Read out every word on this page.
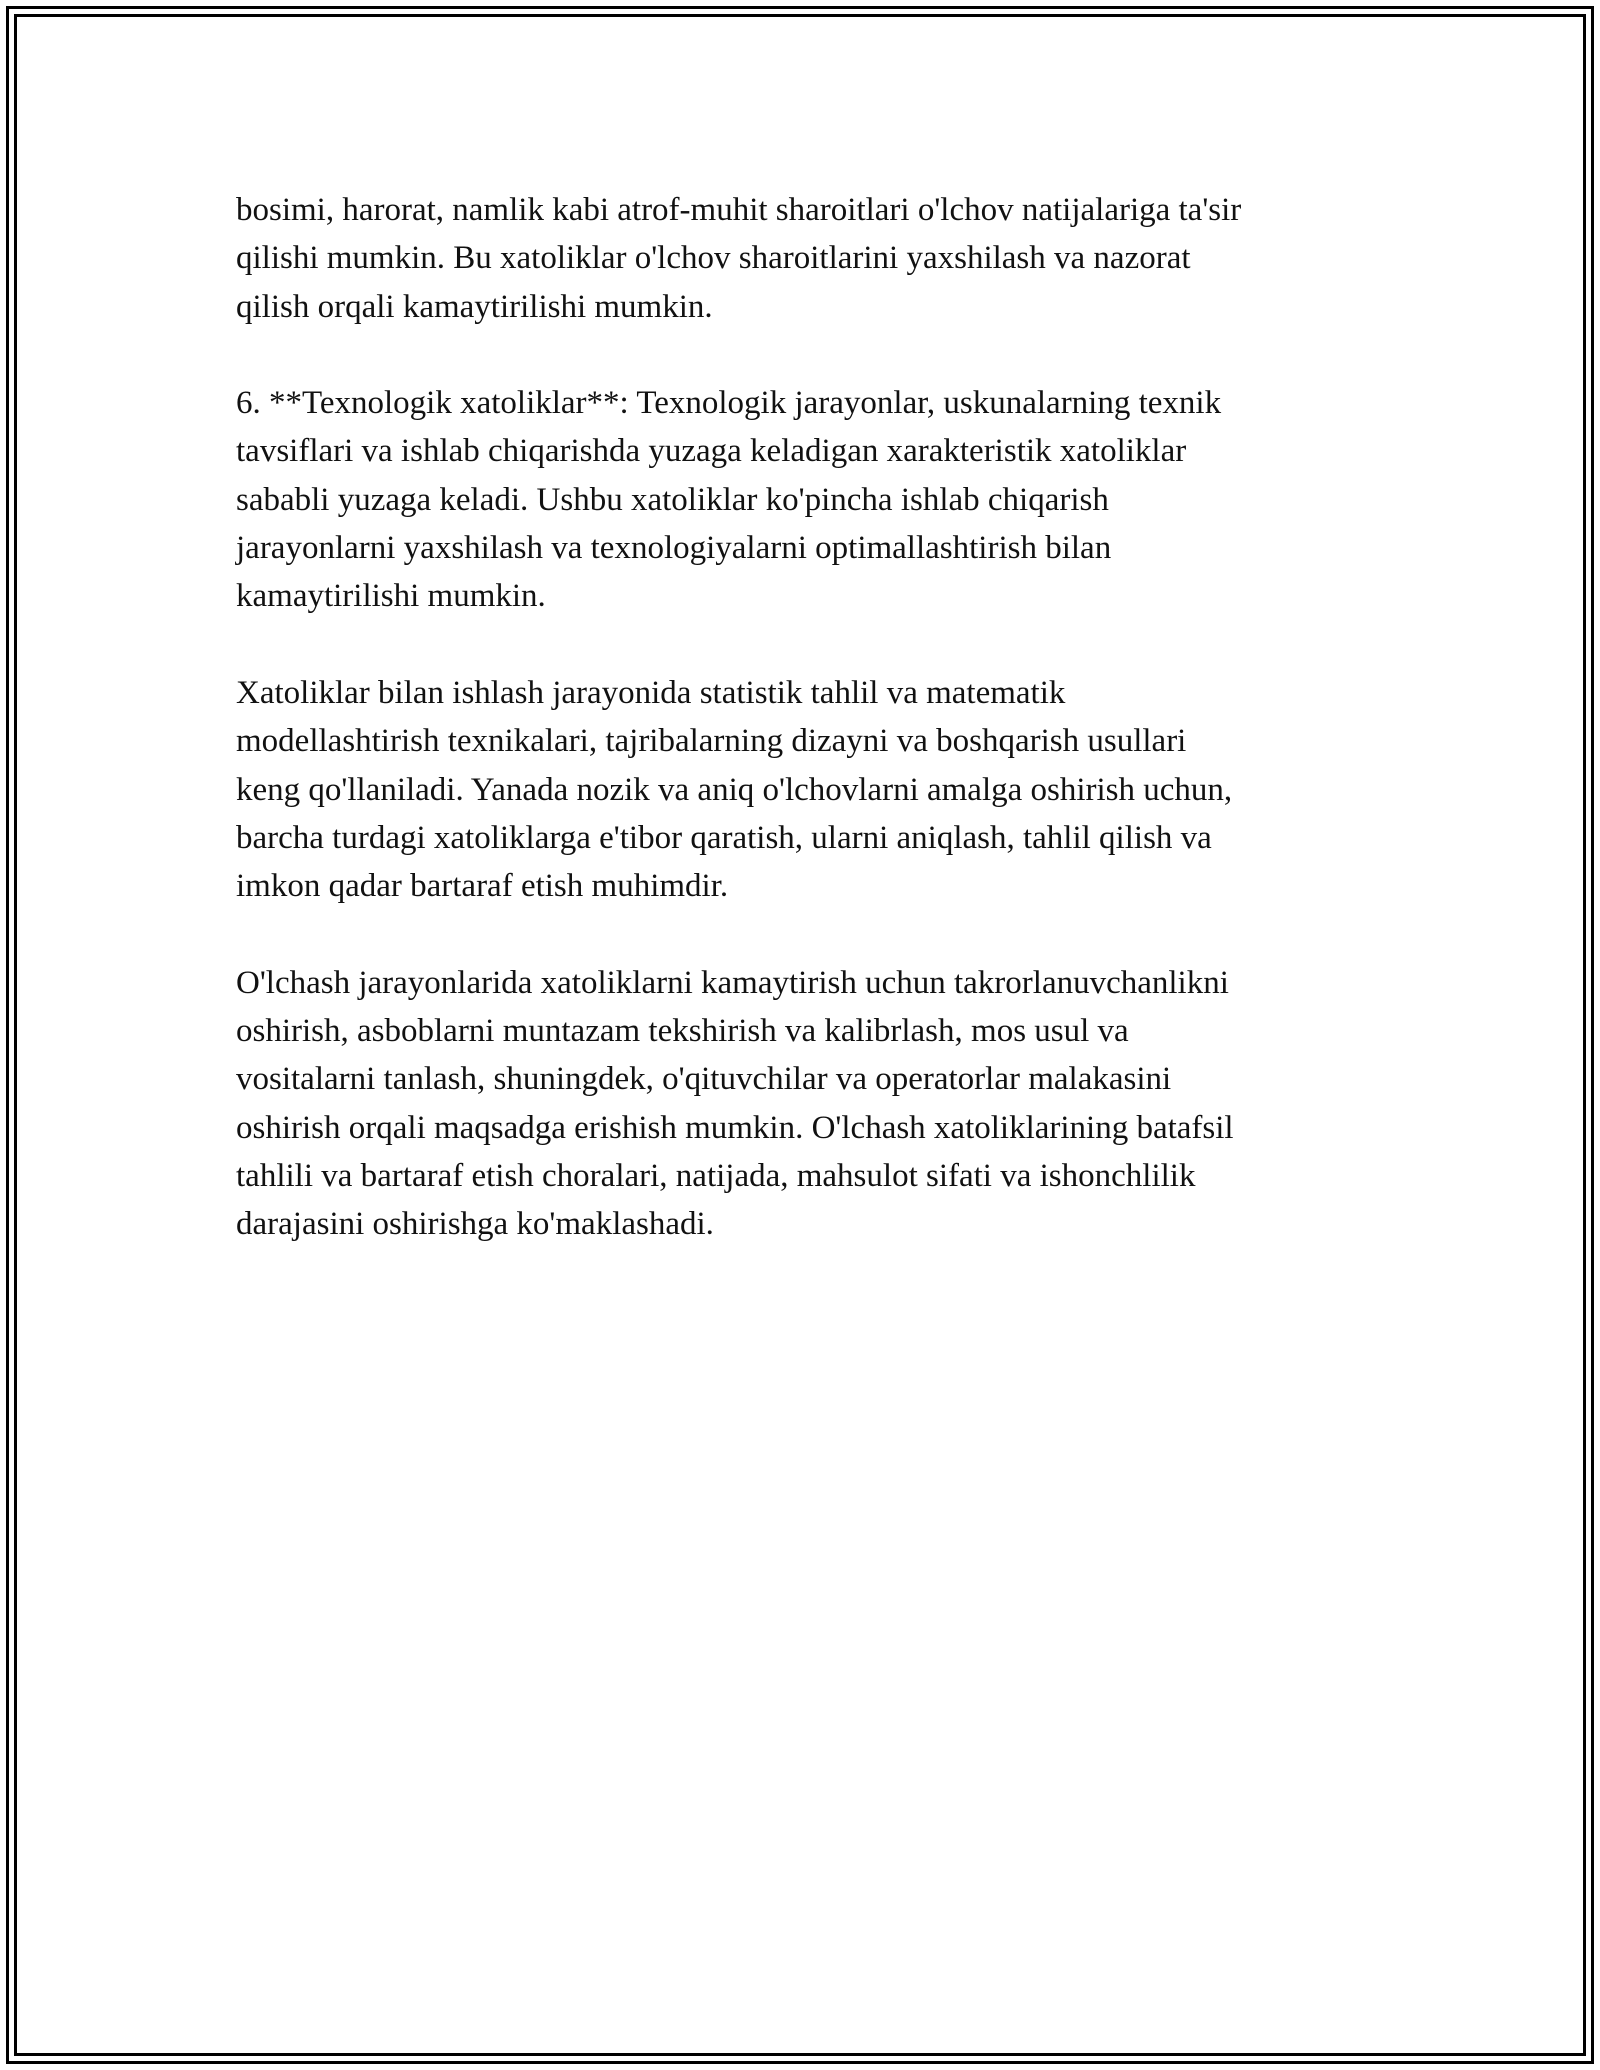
bosimi, harorat, namlik kabi atrof-muhit sharoitlari o'lchov natijalariga ta'sir
qilishi mumkin. Bu xatoliklar o'lchov sharoitlarini yaxshilash va nazorat
qilish orqali kamaytirilishi mumkin.

6. **Texnologik xatoliklar**: Texnologik jarayonlar, uskunalarning texnik
tavsiflari va ishlab chiqarishda yuzaga keladigan xarakteristik xatoliklar
sababli yuzaga keladi. Ushbu xatoliklar ko'pincha ishlab chiqarish
jarayonlarni yaxshilash va texnologiyalarni optimallashtirish bilan
kamaytirilishi mumkin.

Xatoliklar bilan ishlash jarayonida statistik tahlil va matematik
modellashtirish texnikalari, tajribalarning dizayni va boshqarish usullari
keng qo'llaniladi. Yanada nozik va aniq o'lchovlarni amalga oshirish uchun,
barcha turdagi xatoliklarga e'tibor qaratish, ularni aniqlash, tahlil qilish va
imkon qadar bartaraf etish muhimdir.

O'lchash jarayonlarida xatoliklarni kamaytirish uchun takrorlanuvchanlikni
oshirish, asboblarni muntazam tekshirish va kalibrlash, mos usul va
vositalarni tanlash, shuningdek, o'qituvchilar va operatorlar malakasini
oshirish orqali maqsadga erishish mumkin. O'lchash xatoliklarining batafsil
tahlili va bartaraf etish choralari, natijada, mahsulot sifati va ishonchlilik
darajasini oshirishga ko'maklashadi.
